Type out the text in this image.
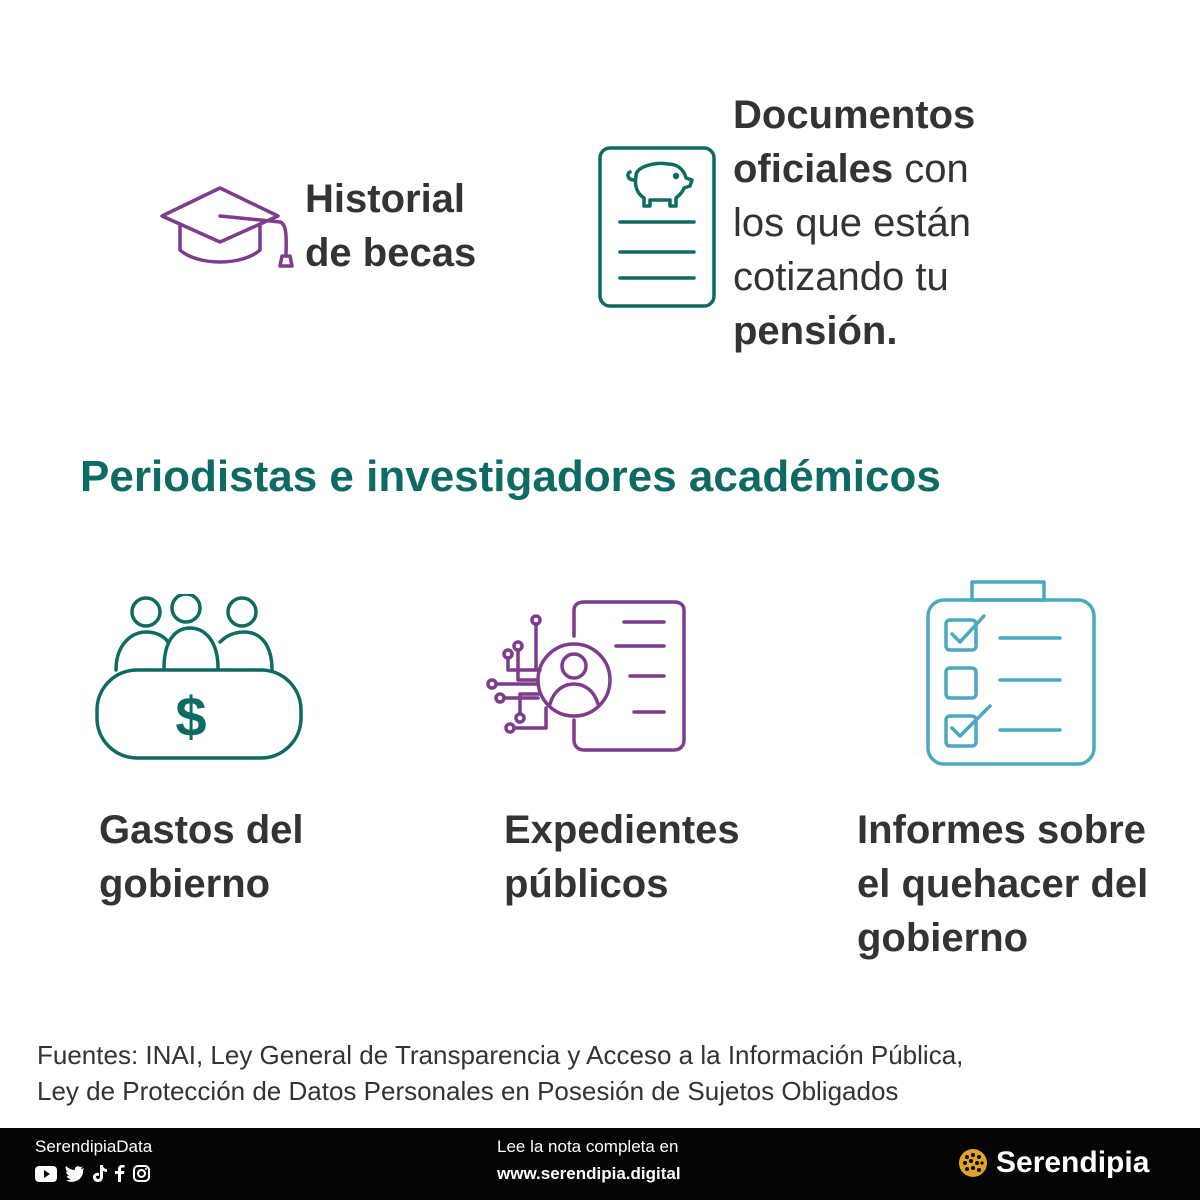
Historial
de becas
Documentos
oficiales con
los que están
cotizando tu
pensión.
Periodistas e investigadores académicos
$
Gastos del
gobierno
Expedientes
públicos
Informes sobre
el quehacer del
gobierno
Fuentes: INAI, Ley General de Transparencia y Acceso a la Información Pública,
Ley de Protección de Datos Personales en Posesión de Sujetos Obligados
SerendipiaData	Lee la nota completa en
www.serendipia.digital	Serendipia
